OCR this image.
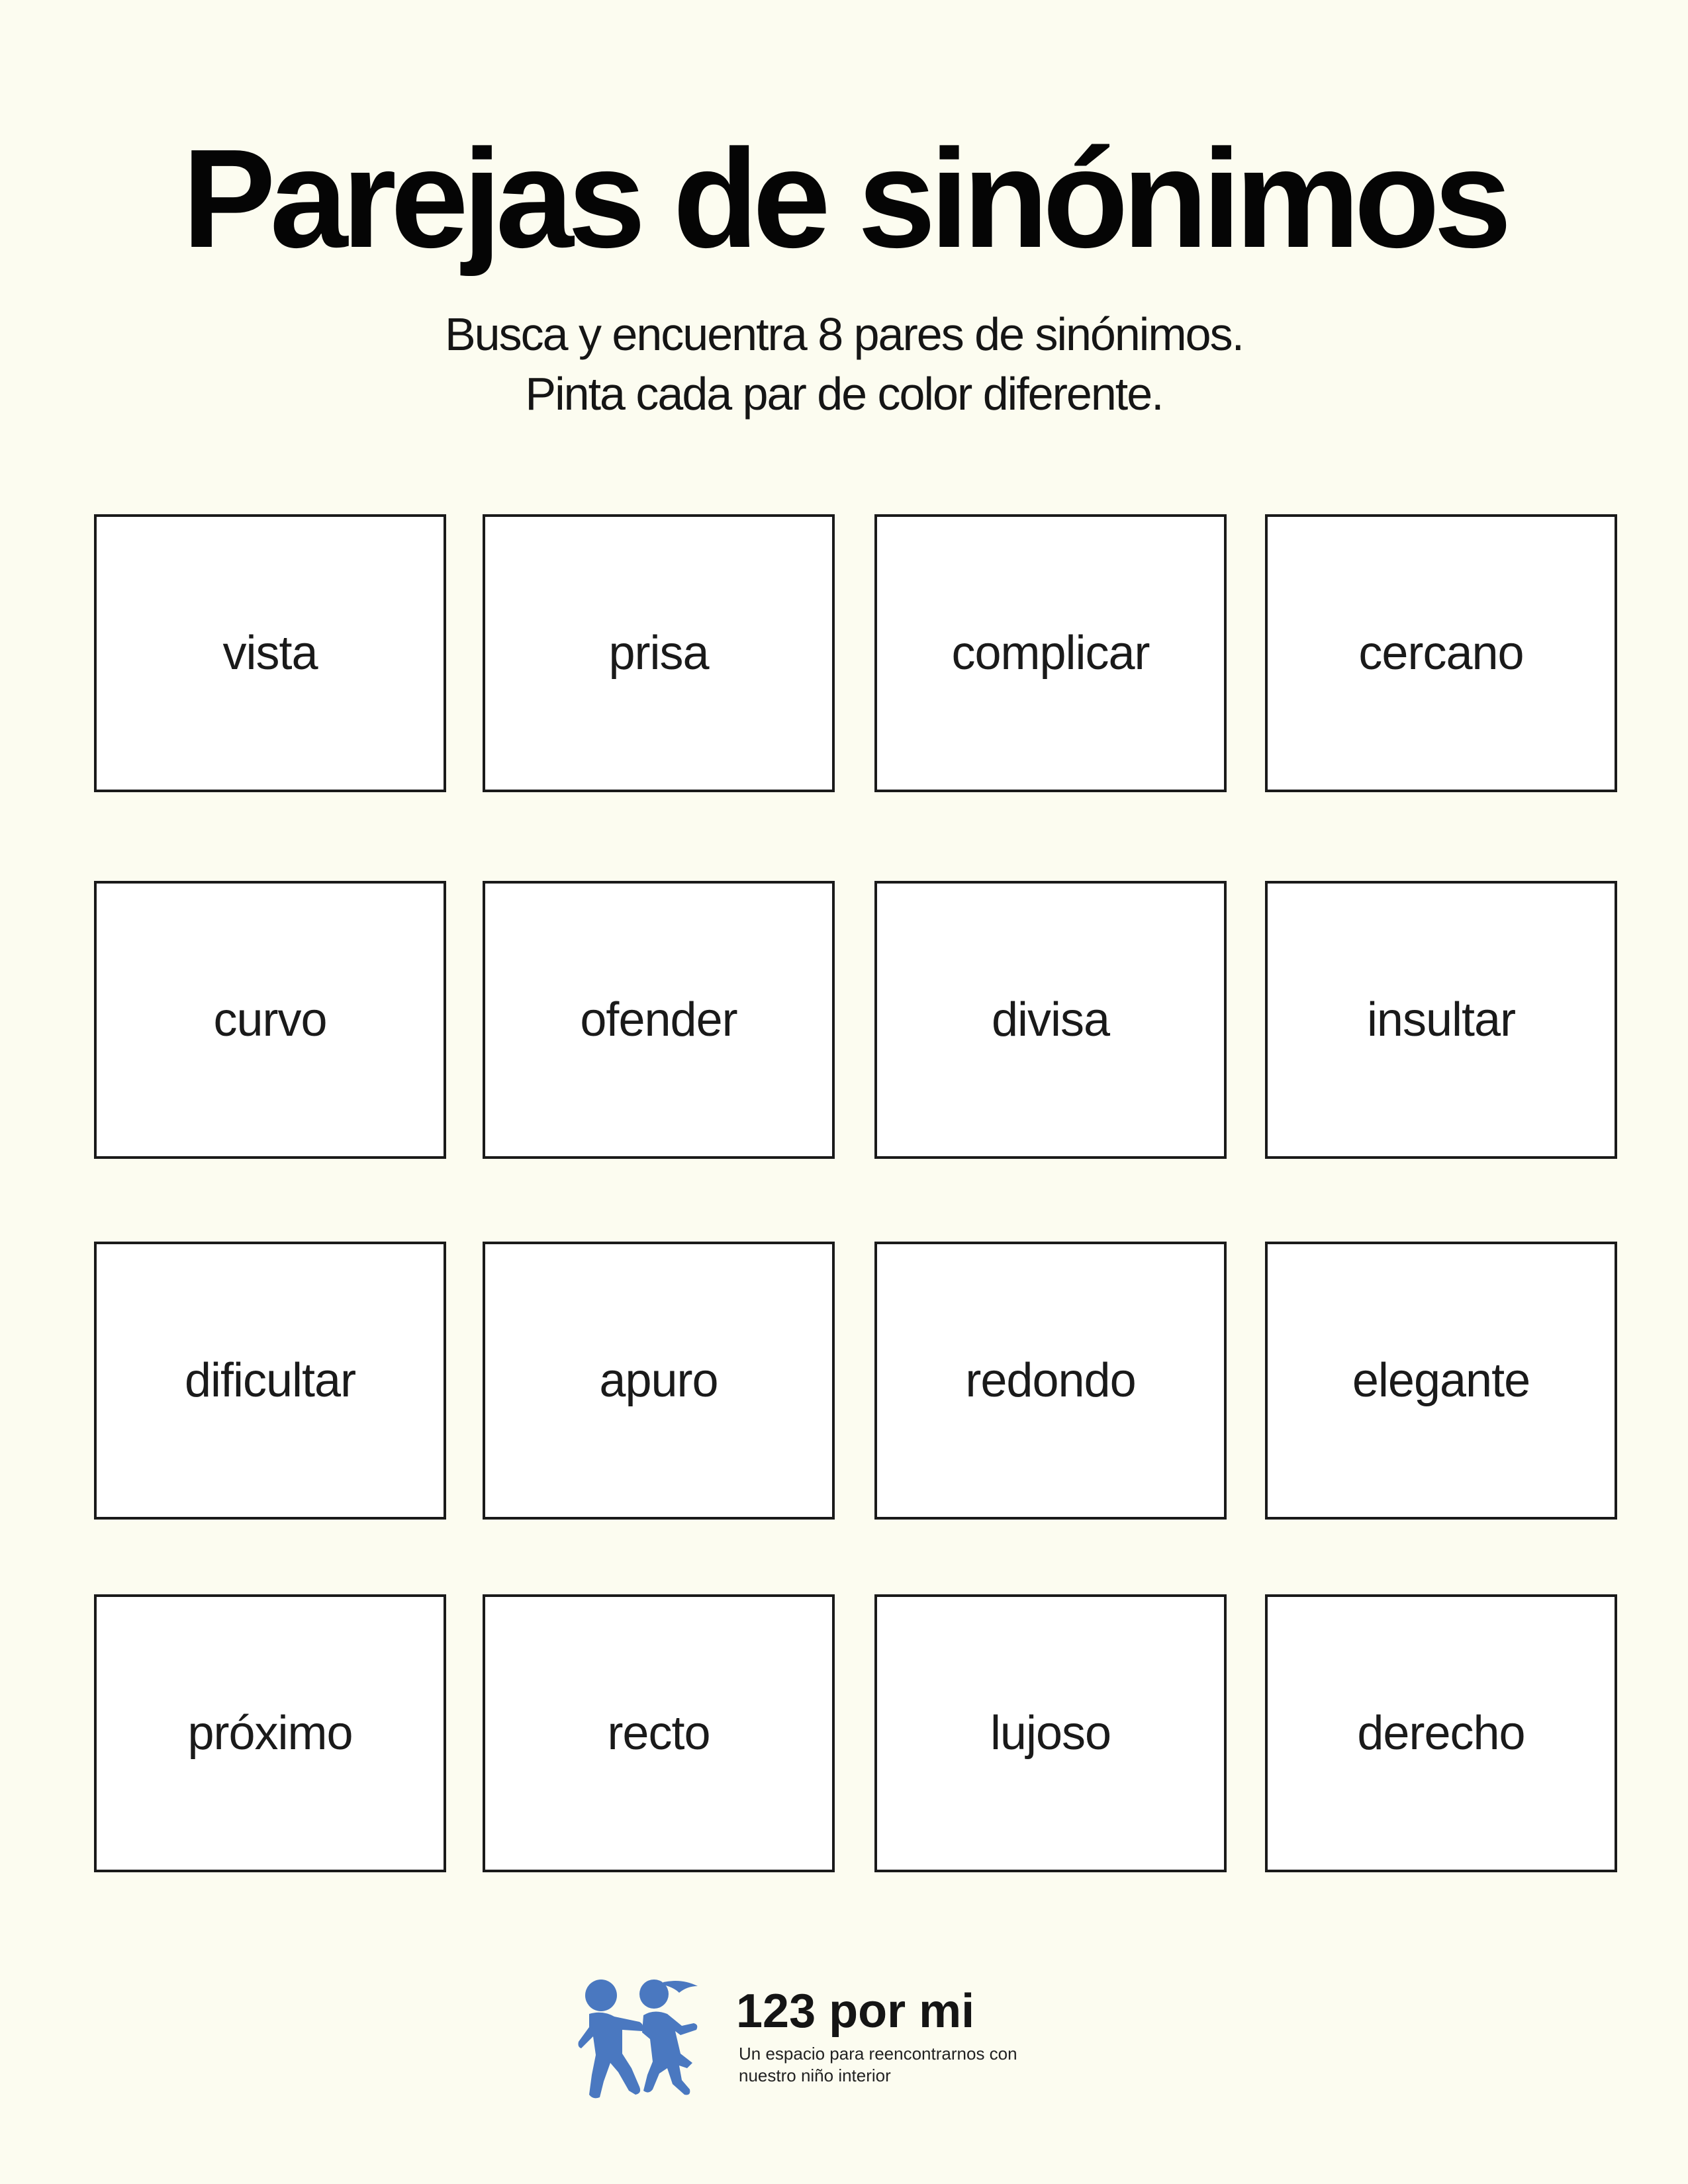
Parejas de sinónimos
Busca y encuentra 8 pares de sinónimos.
Pinta cada par de color diferente.
vista	prisa	complicar	cercano
curvo	ofender	divisa	insultar
dificultar	apuro	redondo	elegante
próximo	recto	lujoso	derecho
123 por mi
Un espacio para reencontrarnos con
nuestro niño interior
